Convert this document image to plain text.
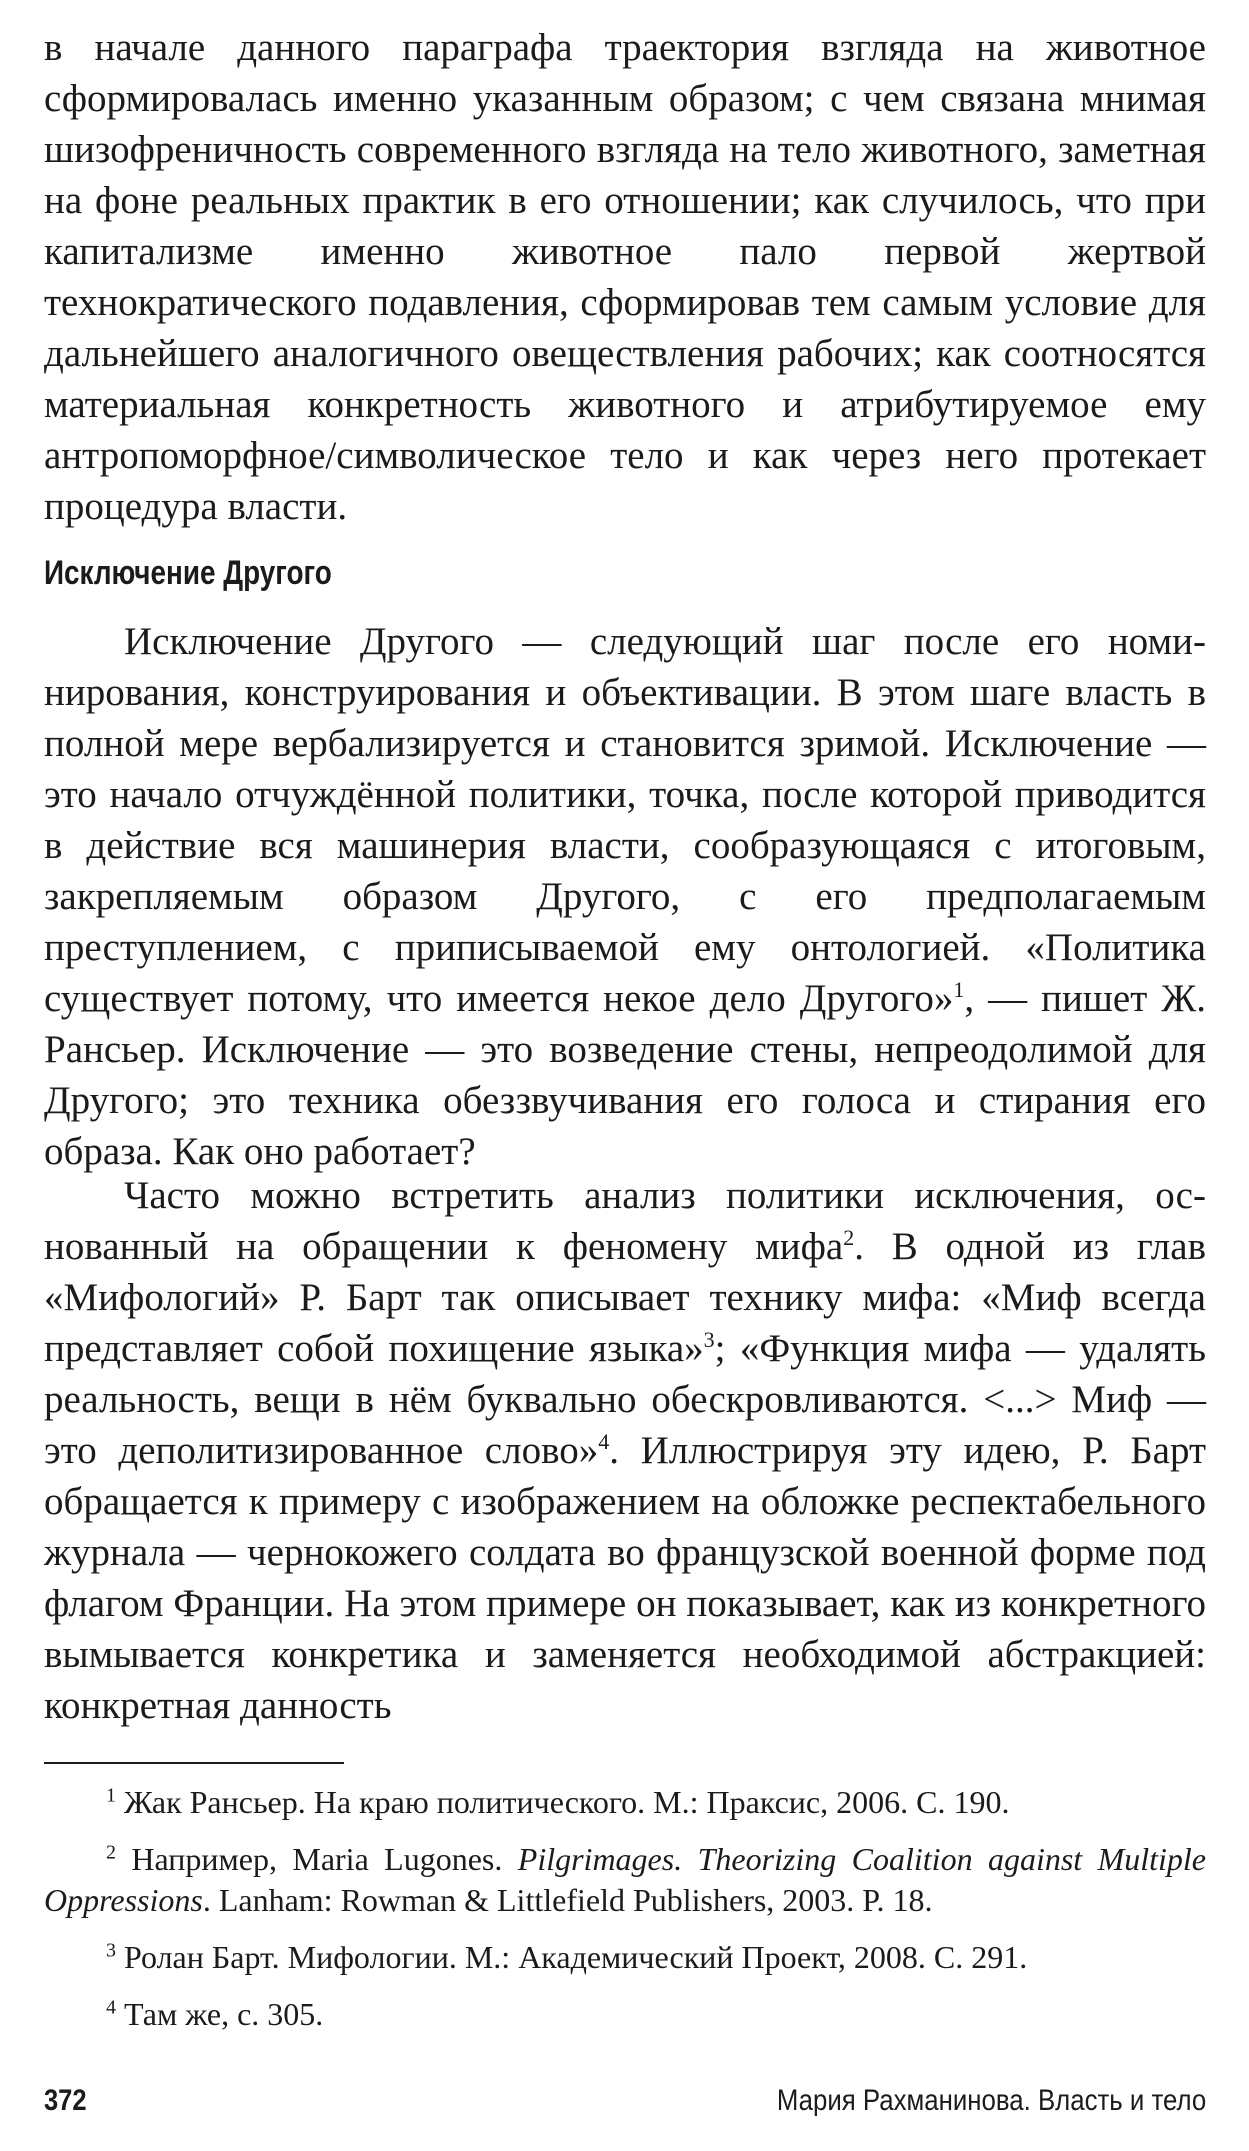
в начале данного параграфа траектория взгляда на животное сформировалась именно указанным образом; с чем связана мнимая шизофреничность современного взгляда на тело животного, заметная на фоне реальных практик в его отношении; как случилось, что при капитализме именно животное пало первой жертвой технократического подавления, сформировав тем самым условие для дальнейшего аналогичного овеществления рабочих; как соотносятся материальная конкретность животного и атрибутируемое ему антропоморфное/символическое тело и как через него протекает процедура власти.

Исключение Другого

Исключение Другого — следующий шаг после его номинирования, конструирования и объективации. В этом шаге власть в полной мере вербализируется и становится зримой. Исключение — это начало отчуждённой политики, точка, после которой приводится в действие вся машинерия власти, сообразующаяся с итоговым, закрепляемым образом Другого, с его предполагаемым преступлением, с приписываемой ему онтологией. «Политика существует потому, что имеется некое дело Другого»$^1$, — пишет Ж. Рансьер. Исключение — это возведение стены, непреодолимой для Другого; это техника обеззвучивания его голоса и стирания его образа. Как оно работает?

Часто можно встретить анализ политики исключения, основанный на обращении к феномену мифа$^2$. В одной из глав «Мифологий» Р. Барт так описывает технику мифа: «Миф всегда представляет собой похищение языка»$^3$; «Функция мифа — удалять реальность, вещи в нём буквально обескровливаются. <...> Миф — это деполитизированное слово»$^4$. Иллюстрируя эту идею, Р. Барт обращается к примеру с изображением на обложке респектабельного журнала — чернокожего солдата во французской военной форме под флагом Франции. На этом примере он показывает, как из конкретного вымывается конкретика и заменяется необходимой абстракцией: конкретная данность

$^1$ Жак Рансьер. На краю политического. М.: Праксис, 2006. С. 190.

$^2$ Например, Maria Lugones. Pilgrimages. Theorizing Coalition against Multiple Oppressions. Lanham: Rowman & Littlefield Publishers, 2003. P. 18.

$^3$ Ролан Барт. Мифологии. М.: Академический Проект, 2008. С. 291.

$^4$ Там же, с. 305.

372	Мария Рахманинова. Власть и тело
